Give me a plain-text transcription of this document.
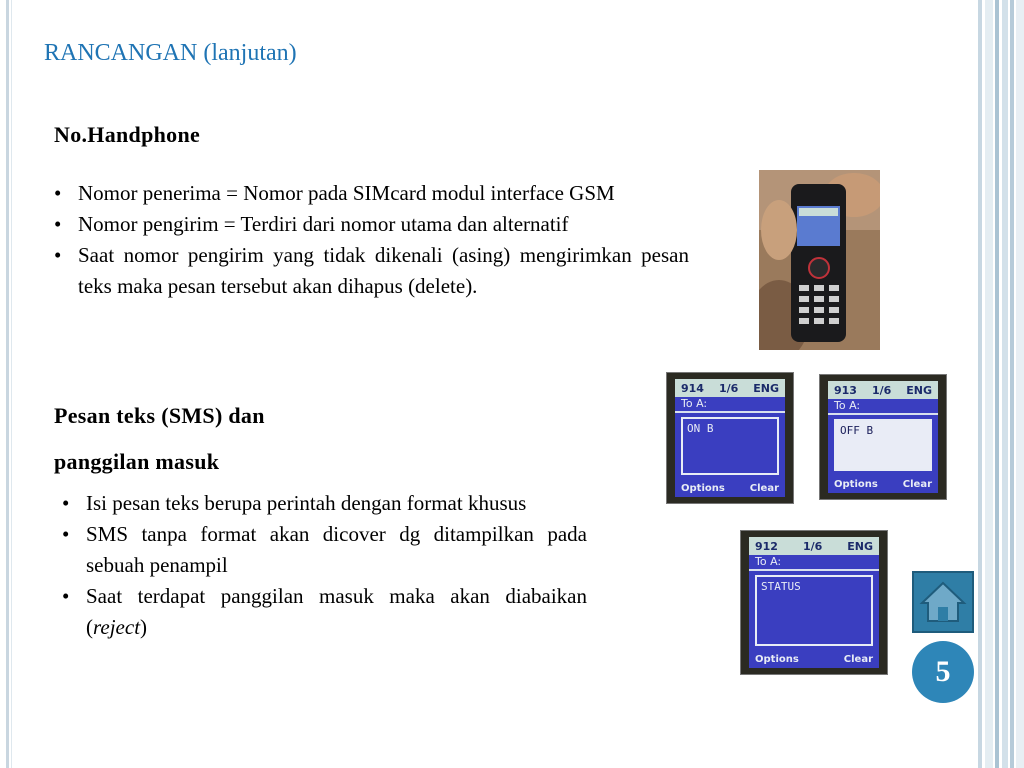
RANCANGAN (lanjutan)
No.Handphone
• Nomor penerima = Nomor pada SIMcard modul interface GSM
• Nomor pengirim = Terdiri dari nomor utama dan alternatif
• Saat nomor pengirim yang tidak dikenali (asing) mengirimkan pesan teks maka pesan tersebut akan dihapus (delete).
Pesan teks (SMS) dan
panggilan masuk
• Isi pesan teks berupa perintah dengan format khusus
• SMS tanpa format akan dicover dg ditampilkan pada sebuah penampil
• Saat terdapat panggilan masuk maka akan diabaikan (reject)
914 1/6 ENG
To A:
ON B
Options Clear
913 1/6 ENG
To A:
OFF B
Options Clear
912 1/6 ENG
To A:
STATUS
Options	Clear	5
